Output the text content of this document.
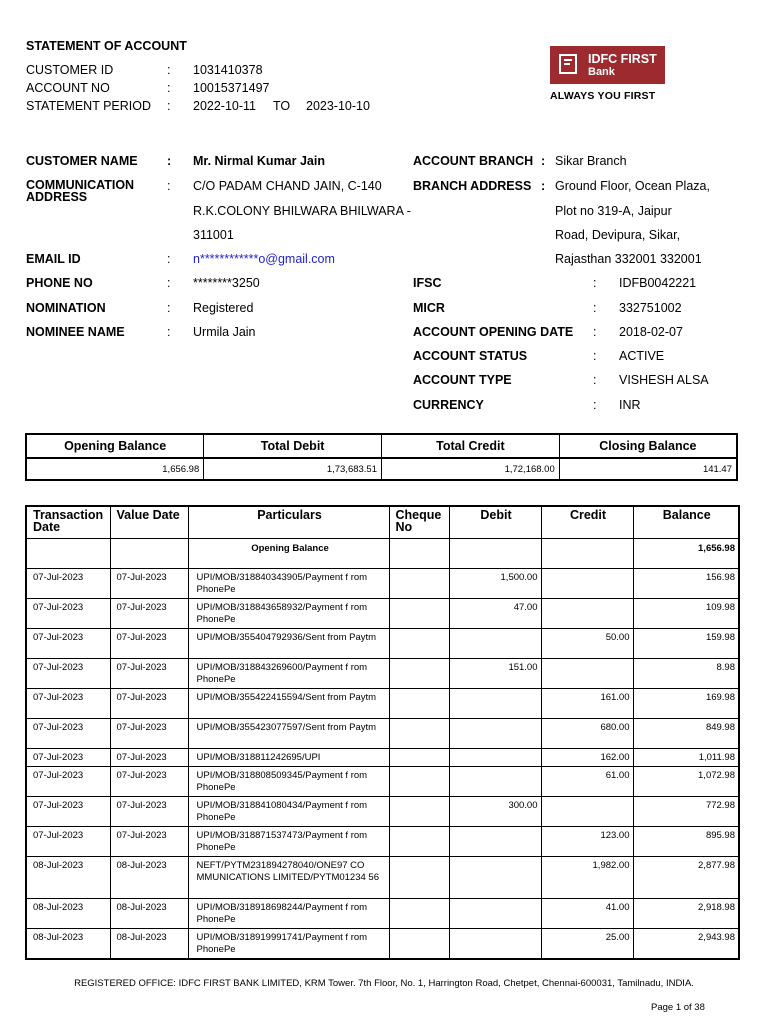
STATEMENT OF ACCOUNT
CUSTOMER ID	: 1031410378
ACCOUNT NO	: 10015371497
STATEMENT PERIOD : 2022-10-11 TO 2023-10-10
IDFC FIRST
Bank
ALWAYS YOU FIRST
CUSTOMER NAME : Mr. Nirmal Kumar Jain
COMMUNICATION
ADDRESS
: C/O PADAM CHAND JAIN, C-140
R.K.COLONY BHILWARA BHILWARA -
311001
EMAIL ID	: n************o@gmail.com
PHONE NO	: ********3250
NOMINATION	: Registered
NOMINEE NAME	: Urmila Jain
ACCOUNT BRANCH : Sikar Branch
BRANCH ADDRESS : Ground Floor, Ocean Plaza,
Plot no 319-A, Jaipur
Road, Devipura, Sikar,
Rajasthan 332001 332001
IFSC	: IDFB0042221
MICR	: 332751002
ACCOUNT OPENING DATE : 2018-02-07
ACCOUNT STATUS	: ACTIVE
ACCOUNT TYPE	: VISHESH ALSA
CURRENCY	: INR
Opening Balance	Total Debit	Total Credit	Closing Balance
1,656.98	1,73,683.51	1,72,168.00	141.47
Transaction Date	Value Date	Particulars	Cheque No	Debit	Credit	Balance
		Opening Balance				1,656.98
07-Jul-2023	07-Jul-2023	UPI/MOB/318840343905/Payment f rom PhonePe		1,500.00		156.98
07-Jul-2023	07-Jul-2023	UPI/MOB/318843658932/Payment f rom PhonePe		47.00		109.98
07-Jul-2023	07-Jul-2023	UPI/MOB/355404792936/Sent from Paytm			50.00	159.98
07-Jul-2023	07-Jul-2023	UPI/MOB/318843269600/Payment f rom PhonePe		151.00		8.98
07-Jul-2023	07-Jul-2023	UPI/MOB/355422415594/Sent from Paytm			161.00	169.98
07-Jul-2023	07-Jul-2023	UPI/MOB/355423077597/Sent from Paytm			680.00	849.98
07-Jul-2023	07-Jul-2023	UPI/MOB/318811242695/UPI			162.00	1,011.98
07-Jul-2023	07-Jul-2023	UPI/MOB/318808509345/Payment f rom PhonePe			61.00	1,072.98
07-Jul-2023	07-Jul-2023	UPI/MOB/318841080434/Payment f rom PhonePe		300.00		772.98
07-Jul-2023	07-Jul-2023	UPI/MOB/318871537473/Payment f rom PhonePe			123.00	895.98
08-Jul-2023	08-Jul-2023	NEFT/PYTM231894278040/ONE97 CO MMUNICATIONS LIMITED/PYTM01234 56			1,982.00	2,877.98
08-Jul-2023	08-Jul-2023	UPI/MOB/318918698244/Payment f rom PhonePe			41.00	2,918.98
08-Jul-2023	08-Jul-2023	UPI/MOB/318919991741/Payment f rom PhonePe			25.00	2,943.98
REGISTERED OFFICE: IDFC FIRST BANK LIMITED, KRM Tower. 7th Floor, No. 1, Harrington Road, Chetpet, Chennai-600031, Tamilnadu, INDIA.
Page 1 of 38
